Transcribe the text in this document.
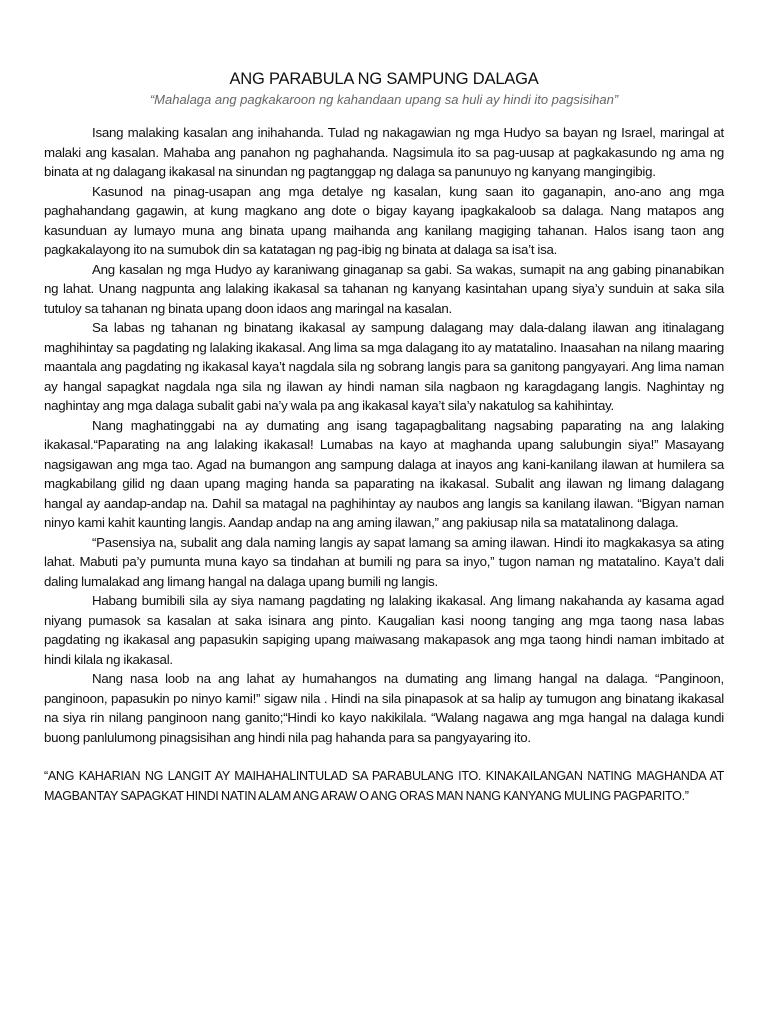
ANG PARABULA NG SAMPUNG DALAGA
“Mahalaga ang pagkakaroon ng kahandaan upang sa huli ay hindi ito pagsisihan”

Isang malaking kasalan ang inihahanda. Tulad ng nakagawian ng mga Hudyo sa bayan ng Israel, maringal at malaki ang kasalan. Mahaba ang panahon ng paghahanda. Nagsimula ito sa pag-uusap at pagkakasundo ng ama ng binata at ng dalagang ikakasal na sinundan ng pagtanggap ng dalaga sa panunuyo ng kanyang mangingibig.

Kasunod na pinag-usapan ang mga detalye ng kasalan, kung saan ito gaganapin, ano-ano ang mga paghahandang gagawin, at kung magkano ang dote o bigay kayang ipagkakaloob sa dalaga. Nang matapos ang kasunduan ay lumayo muna ang binata upang maihanda ang kanilang magiging tahanan. Halos isang taon ang pagkakalayong ito na sumubok din sa katatagan ng pag-ibig ng binata at dalaga sa isa’t isa.

Ang kasalan ng mga Hudyo ay karaniwang ginaganap sa gabi. Sa wakas, sumapit na ang gabing pinanabikan ng lahat. Unang nagpunta ang lalaking ikakasal sa tahanan ng kanyang kasintahan upang siya’y sunduin at saka sila tutuloy sa tahanan ng binata upang doon idaos ang maringal na kasalan.

Sa labas ng tahanan ng binatang ikakasal ay sampung dalagang may dala-dalang ilawan ang itinalagang maghihintay sa pagdating ng lalaking ikakasal. Ang lima sa mga dalagang ito ay matatalino. Inaasahan na nilang maaring maantala ang pagdating ng ikakasal kaya’t nagdala sila ng sobrang langis para sa ganitong pangyayari. Ang lima naman ay hangal sapagkat nagdala nga sila ng ilawan ay hindi naman sila nagbaon ng karagdagang langis. Naghintay ng naghintay ang mga dalaga subalit gabi na’y wala pa ang ikakasal kaya’t sila’y nakatulog sa kahihintay.

Nang maghatinggabi na ay dumating ang isang tagapagbalitang nagsabing paparating na ang lalaking ikakasal.“Paparating na ang lalaking ikakasal! Lumabas na kayo at maghanda upang salubungin siya!” Masayang nagsigawan ang mga tao. Agad na bumangon ang sampung dalaga at inayos ang kani-kanilang ilawan at humilera sa magkabilang gilid ng daan upang maging handa sa paparating na ikakasal. Subalit ang ilawan ng limang dalagang hangal ay aandap-andap na. Dahil sa matagal na paghihintay ay naubos ang langis sa kanilang ilawan. “Bigyan naman ninyo kami kahit kaunting langis. Aandap andap na ang aming ilawan,” ang pakiusap nila sa matatalinong dalaga.

“Pasensiya na, subalit ang dala naming langis ay sapat lamang sa aming ilawan. Hindi ito magkakasya sa ating lahat. Mabuti pa’y pumunta muna kayo sa tindahan at bumili ng para sa inyo,” tugon naman ng matatalino. Kaya’t dali daling lumalakad ang limang hangal na dalaga upang bumili ng langis.

Habang bumibili sila ay siya namang pagdating ng lalaking ikakasal. Ang limang nakahanda ay kasama agad niyang pumasok sa kasalan at saka isinara ang pinto. Kaugalian kasi noong tanging ang mga taong nasa labas pagdating ng ikakasal ang papasukin sapiging upang maiwasang makapasok ang mga taong hindi naman imbitado at hindi kilala ng ikakasal.

Nang nasa loob na ang lahat ay humahangos na dumating ang limang hangal na dalaga. “Panginoon, panginoon, papasukin po ninyo kami!” sigaw nila . Hindi na sila pinapasok at sa halip ay tumugon ang binatang ikakasal na siya rin nilang panginoon nang ganito;“Hindi ko kayo nakikilala. “Walang nagawa ang mga hangal na dalaga kundi buong panlulumong pinagsisihan ang hindi nila pag hahanda para sa pangyayaring ito.

“ANG KAHARIAN NG LANGIT AY MAIHAHALINTULAD SA PARABULANG ITO. KINAKAILANGAN NATING MAGHANDA AT MAGBANTAY SAPAGKAT HINDI NATIN ALAM ANG ARAW O ANG ORAS MAN NANG KANYANG MULING PAGPARITO.”
